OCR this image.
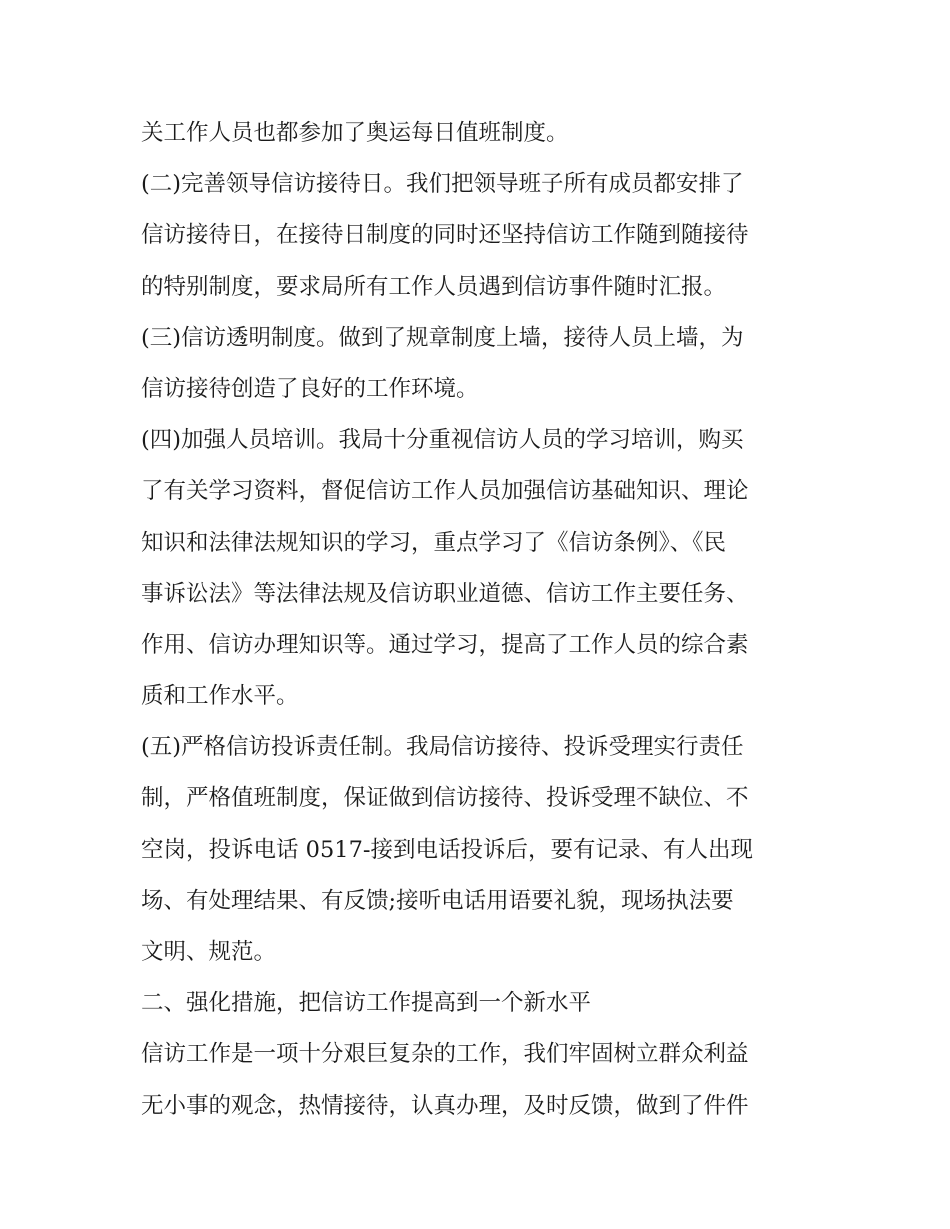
关工作人员也都参加了奥运每日值班制度。
(二)完善领导信访接待日。我们把领导班子所有成员都安排了
信访接待日，在接待日制度的同时还坚持信访工作随到随接待
的特别制度，要求局所有工作人员遇到信访事件随时汇报。
(三)信访透明制度。做到了规章制度上墙，接待人员上墙，为
信访接待创造了良好的工作环境。
(四)加强人员培训。我局十分重视信访人员的学习培训，购买
了有关学习资料，督促信访工作人员加强信访基础知识、理论
知识和法律法规知识的学习，重点学习了《信访条例》、《民
事诉讼法》等法律法规及信访职业道德、信访工作主要任务、
作用、信访办理知识等。通过学习，提高了工作人员的综合素
质和工作水平。
(五)严格信访投诉责任制。我局信访接待、投诉受理实行责任
制，严格值班制度，保证做到信访接待、投诉受理不缺位、不
空岗，投诉电话 0517-接到电话投诉后，要有记录、有人出现
场、有处理结果、有反馈;接听电话用语要礼貌，现场执法要
文明、规范。
二、强化措施，把信访工作提高到一个新水平
信访工作是一项十分艰巨复杂的工作，我们牢固树立群众利益
无小事的观念，热情接待，认真办理，及时反馈，做到了件件
